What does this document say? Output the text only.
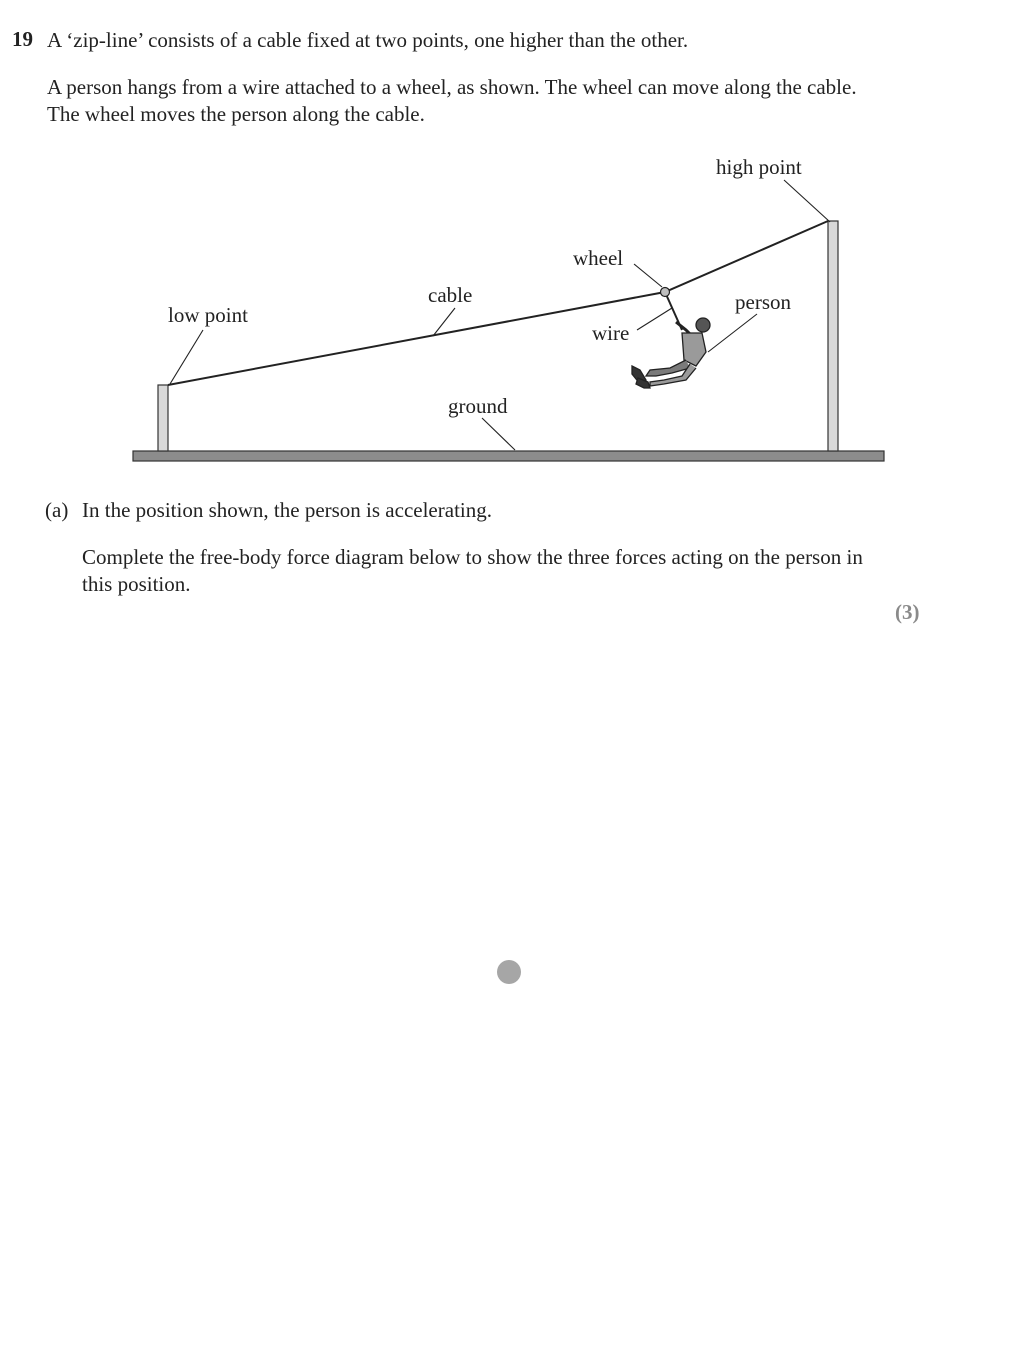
19 A ‘zip-line’ consists of a cable fixed at two points, one higher than the other.

A person hangs from a wire attached to a wheel, as shown. The wheel can move along the cable. The wheel moves the person along the cable.

high point
wheel
cable	person
low point
wire
ground

(a) In the position shown, the person is accelerating.

Complete the free-body force diagram below to show the three forces acting on the person in this position.

(3)
